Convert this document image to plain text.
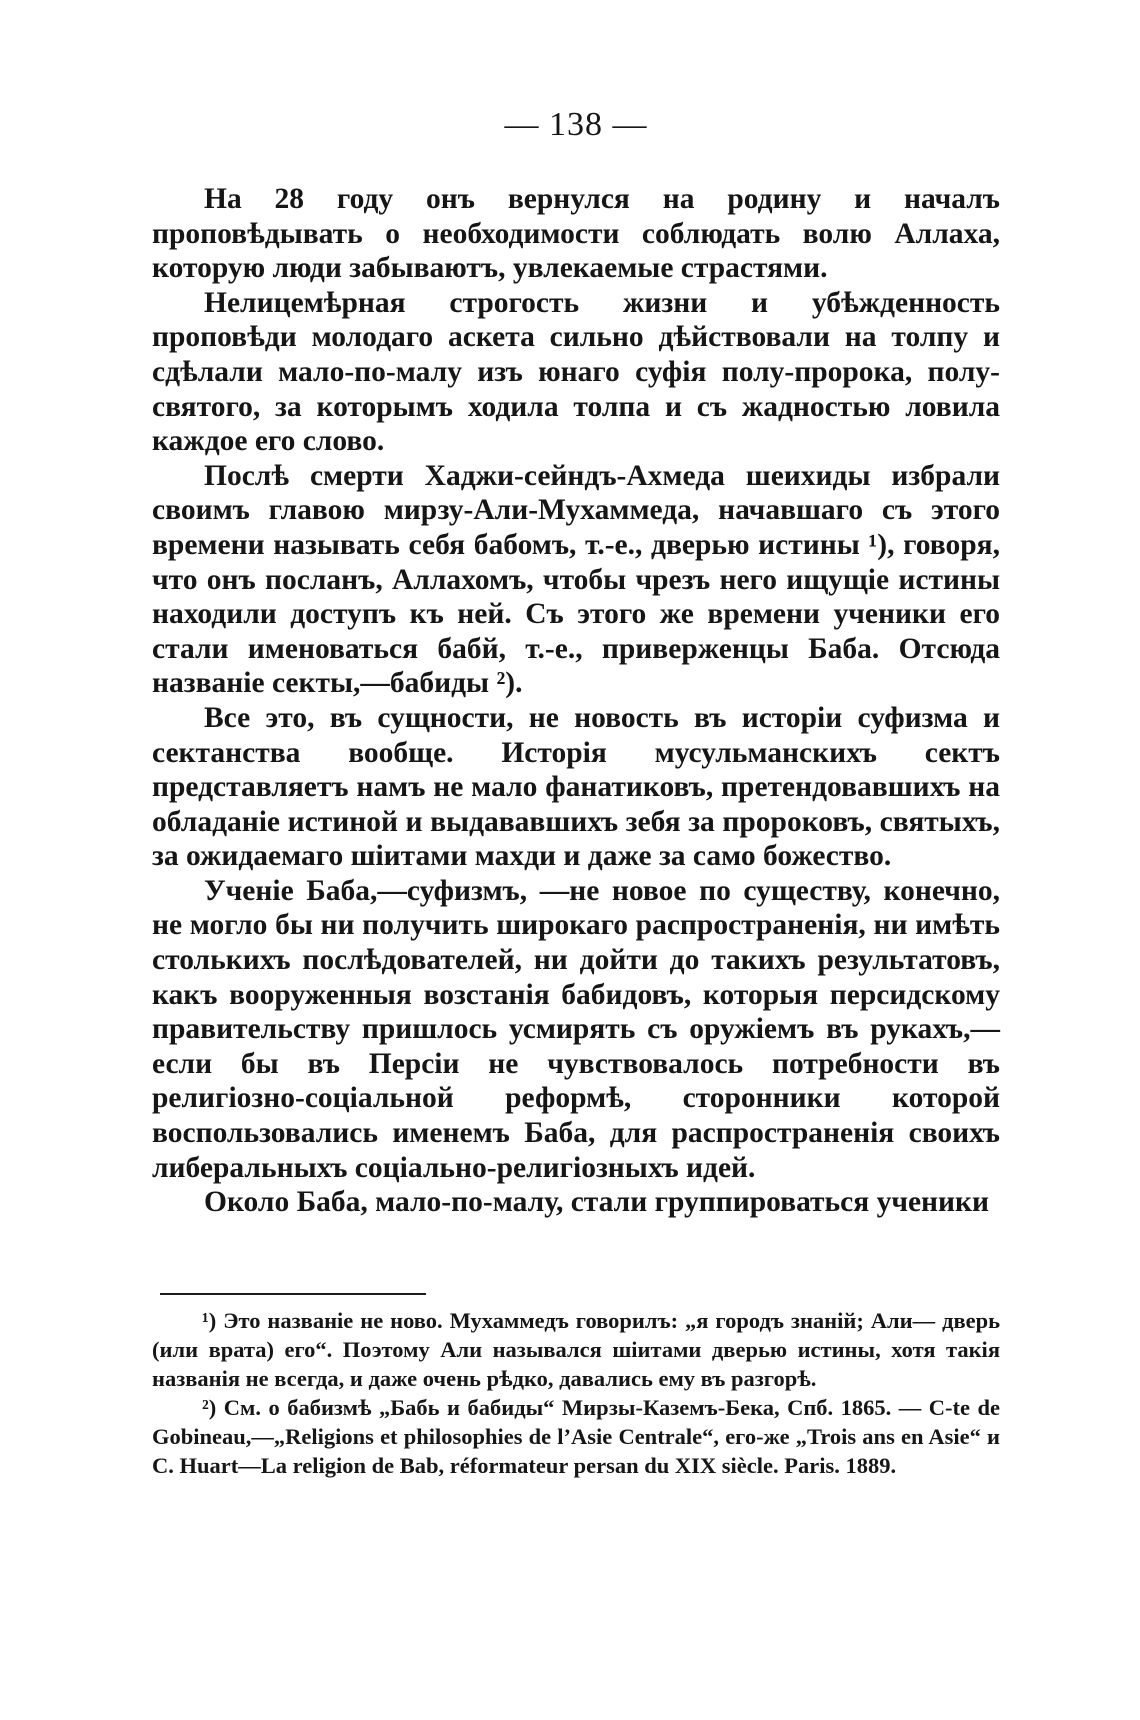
— 138 —

На 28 году онъ вернулся на родину и началъ проповѣдывать о необходимости соблюдать волю Аллаха, которую люди забываютъ, увлекаемые страстями.

Нелицемѣрная строгость жизни и убѣжденность проповѣди молодаго аскета сильно дѣйствовали на толпу и сдѣлали мало-по-малу изъ юнаго суфія полу-пророка, полу-святого, за которымъ ходила толпа и съ жадностью ловила каждое его слово.

Послѣ смерти Хаджи-сейндъ-Ахмеда шеихиды избрали своимъ главою мирзу-Али-Мухаммеда, начавшаго съ этого времени называть себя бабомъ, т.-е., дверью истины ¹), говоря, что онъ посланъ, Аллахомъ, чтобы чрезъ него ищущіе истины находили доступъ къ ней. Съ этого же времени ученики его стали именоваться бабй, т.-е., приверженцы Баба. Отсюда названіе секты,—бабиды ²).

Все это, въ сущности, не новость въ исторіи суфизма и сектанства вообще. Исторія мусульманскихъ сектъ представляетъ намъ не мало фанатиковъ, претендовавшихъ на обладаніе истиной и выдававшихъ зебя за пророковъ, святыхъ, за ожидаемаго шіитами махди и даже за само божество.

Ученіе Баба,—суфизмъ, —не новое по существу, конечно, не могло бы ни получить широкаго распространенія, ни имѣть столькихъ послѣдователей, ни дойти до такихъ результатовъ, какъ вооруженныя возстанія бабидовъ, которыя персидскому правительству пришлось усмирять съ оружіемъ въ рукахъ,— если бы въ Персіи не чувствовалось потребности въ религіозно-соціальной реформѣ, сторонники которой воспользовались именемъ Баба, для распространенія своихъ либеральныхъ соціально-религіозныхъ идей.

Около Баба, мало-по-малу, стали группироваться ученики

¹) Это названіе не ново. Мухаммедъ говорилъ: „я городъ знаній; Али— дверь (или врата) его“. Поэтому Али назывался шіитами дверью истины, хотя такія названія не всегда, и даже очень рѣдко, давались ему въ разгорѣ.

²) См. о бабизмѣ „Бабь и бабиды“ Мирзы-Каземъ-Бека, Спб. 1865. — C-te de Gobineau,—„Religions et philosophies de l’Asie Centrale“, его-же „Trois ans en Asie“ и C. Huart—La religion de Bab, réformateur persan du XIX siècle. Paris. 1889.
